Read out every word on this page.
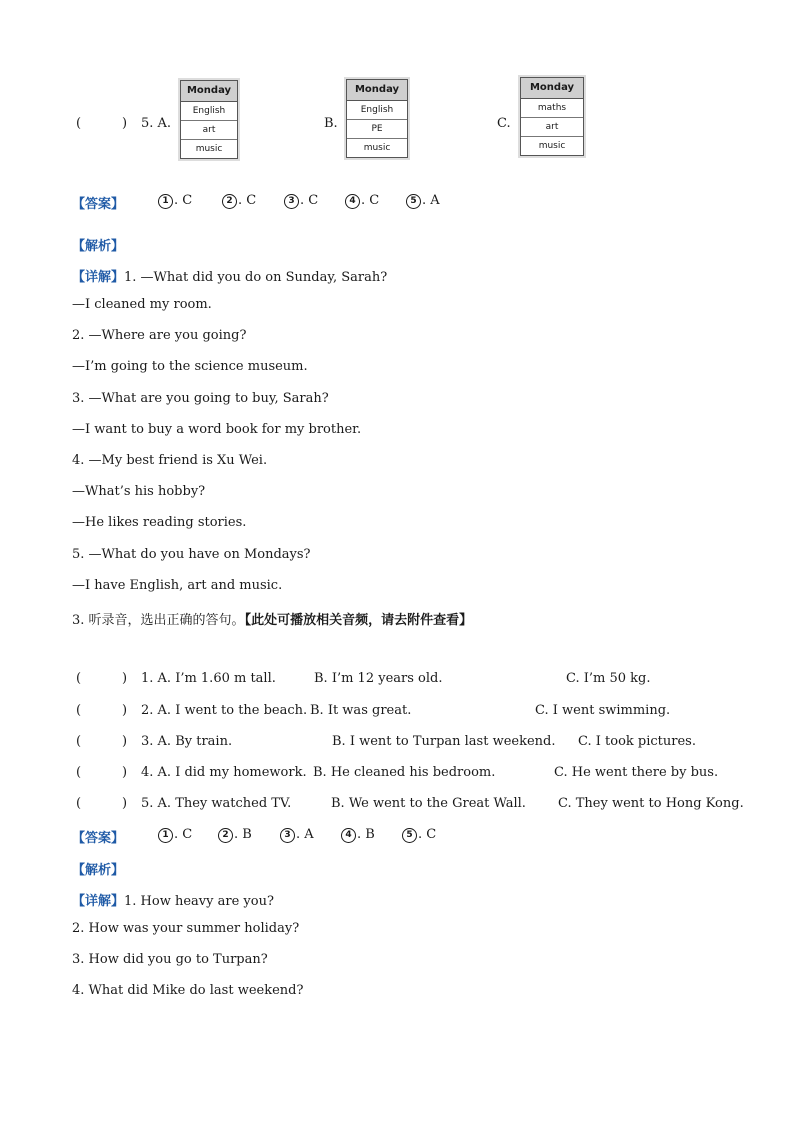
(	) 5. A.
Monday
English
art
music
B.
Monday
English
PE
music
C.
Monday
maths
art
music
【答案】	1 . C	2 . C	3 . C	4 . C	5 . A
【解析】
【详解】1. —What did you do on Sunday, Sarah?
—I cleaned my room.
2. —Where are you going?
—I’m going to the science museum.
3. —What are you going to buy, Sarah?
—I want to buy a word book for my brother.
4. —My best friend is Xu Wei.
—What’s his hobby?
—He likes reading stories.
5. —What do you have on Mondays?
—I have English, art and music.
3. 听录音，选出正确的答句。【此处可播放相关音频，请去附件查看】
(	) 1. A. I’m 1.60 m tall.	B. I’m 12 years old.	C. I’m 50 kg.
(	) 2. A. I went to the beach. B. It was great.	C. I went swimming.
(	) 3. A. By train.	B. I went to Turpan last weekend. C. I took pictures.
(	) 4. A. I did my homework. B. He cleaned his bedroom.	C. He went there by bus.
(	) 5. A. They watched TV.	B. We went to the Great Wall. C. They went to Hong Kong.
【答案】	1 . C	2 . B	3 . A	4 . B	5 . C
【解析】
【详解】1. How heavy are you?
2. How was your summer holiday?
3. How did you go to Turpan?
4. What did Mike do last weekend?
